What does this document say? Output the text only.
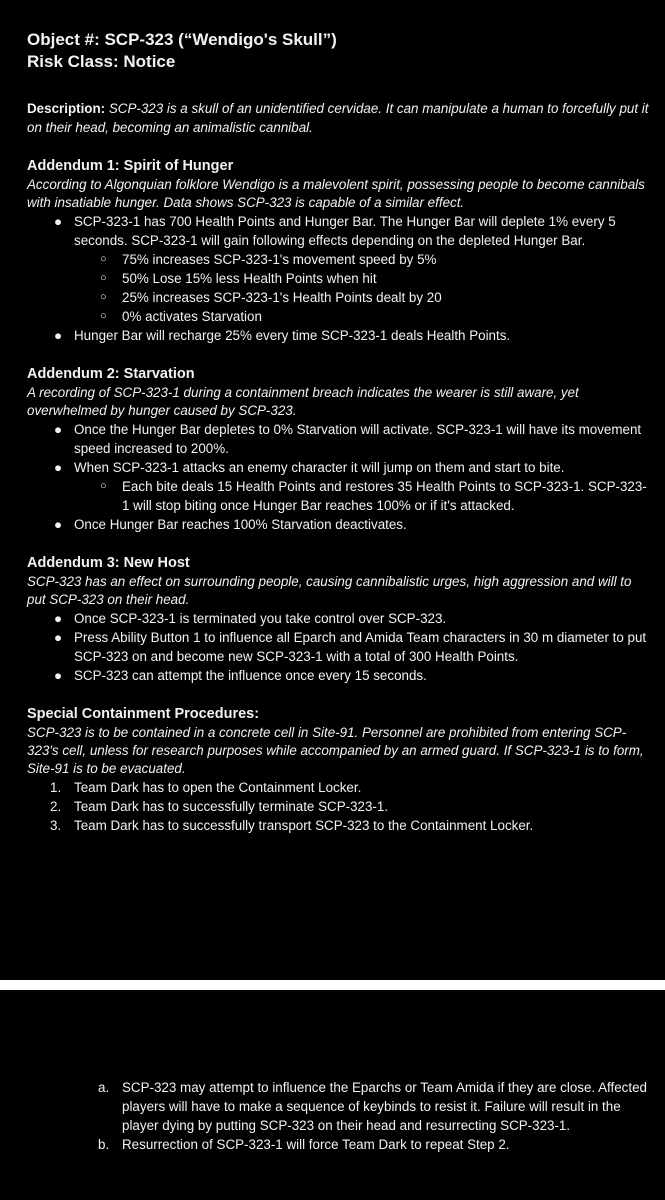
Object #: SCP-323 (“Wendigo's Skull”)

Risk Class: Notice

Description: SCP-323 is a skull of an unidentified cervidae. It can manipulate a human to forcefully put it on their head, becoming an animalistic cannibal.

Addendum 1: Spirit of Hunger

According to Algonquian folklore Wendigo is a malevolent spirit, possessing people to become cannibals with insatiable hunger. Data shows SCP-323 is capable of a similar effect.

● SCP-323-1 has 700 Health Points and Hunger Bar. The Hunger Bar will deplete 1% every 5 seconds. SCP-323-1 will gain following effects depending on the depleted Hunger Bar.
○ 75% increases SCP-323-1's movement speed by 5%
○ 50% Lose 15% less Health Points when hit
○ 25% increases SCP-323-1's Health Points dealt by 20
○ 0% activates Starvation
● Hunger Bar will recharge 25% every time SCP-323-1 deals Health Points.

Addendum 2: Starvation

A recording of SCP-323-1 during a containment breach indicates the wearer is still aware, yet overwhelmed by hunger caused by SCP-323.

● Once the Hunger Bar depletes to 0% Starvation will activate. SCP-323-1 will have its movement speed increased to 200%.
● When SCP-323-1 attacks an enemy character it will jump on them and start to bite.
○ Each bite deals 15 Health Points and restores 35 Health Points to SCP-323-1. SCP-323-1 will stop biting once Hunger Bar reaches 100% or if it's attacked.
● Once Hunger Bar reaches 100% Starvation deactivates.

Addendum 3: New Host

SCP-323 has an effect on surrounding people, causing cannibalistic urges, high aggression and will to put SCP-323 on their head.

● Once SCP-323-1 is terminated you take control over SCP-323.
● Press Ability Button 1 to influence all Eparch and Amida Team characters in 30 m diameter to put SCP-323 on and become new SCP-323-1 with a total of 300 Health Points.
● SCP-323 can attempt the influence once every 15 seconds.

Special Containment Procedures:

SCP-323 is to be contained in a concrete cell in Site-91. Personnel are prohibited from entering SCP-323's cell, unless for research purposes while accompanied by an armed guard. If SCP-323-1 is to form, Site-91 is to be evacuated.

1. Team Dark has to open the Containment Locker.
2. Team Dark has to successfully terminate SCP-323-1.
3. Team Dark has to successfully transport SCP-323 to the Containment Locker.
a. SCP-323 may attempt to influence the Eparchs or Team Amida if they are close. Affected players will have to make a sequence of keybinds to resist it. Failure will result in the player dying by putting SCP-323 on their head and resurrecting SCP-323-1.
b. Resurrection of SCP-323-1 will force Team Dark to repeat Step 2.
